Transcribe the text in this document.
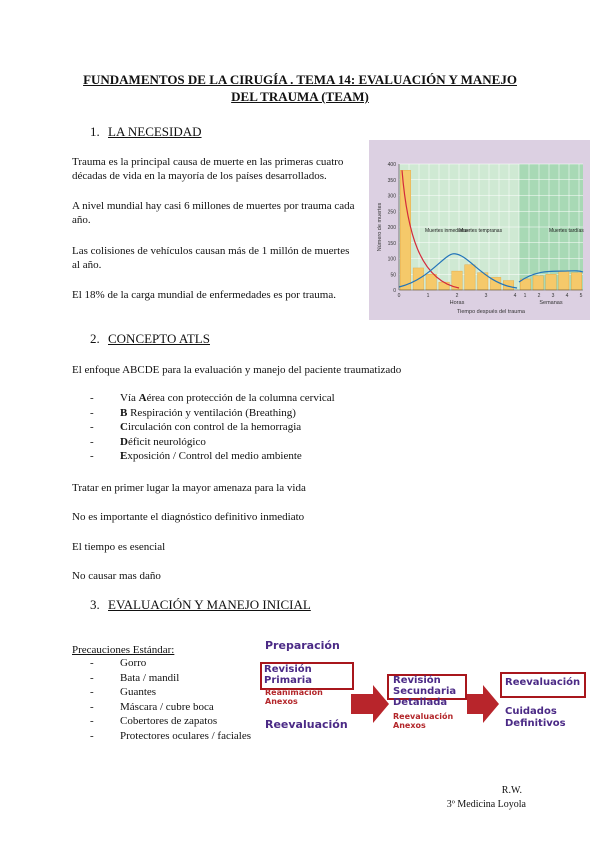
FUNDAMENTOS DE LA CIRUGÍA . TEMA 14: EVALUACIÓN Y MANEJO
DEL TRAUMA (TEAM)
1. LA NECESIDAD
Trauma es la principal causa de muerte en las primeras cuatro décadas de vida en la mayoría de los países desarrollados.
A nivel mundial hay casi 6 millones de muertes por trauma cada año.
Las colisiones de vehículos causan más de 1 millón de muertes al año.
El 18% de la carga mundial de enfermedades es por trauma.	0
50
100
150
200
250
300
350
400
Muertes inmediatas
Muertes tempranas	Muertes tardías
0	1	2	3	4 1 2 3 4 5
Horas	Semanas
Tiempo después del trauma
Número de muertes
2. CONCEPTO ATLS
El enfoque ABCDE para la evaluación y manejo del paciente traumatizado
- Vía Aérea con protección de la columna cervical
- B Respiración y ventilación (Breathing)
- Circulación con control de la hemorragia
- Déficit neurológico
- Exposición / Control del medio ambiente
Tratar en primer lugar la mayor amenaza para la vida
No es importante el diagnóstico definitivo inmediato
El tiempo es esencial
No causar mas daño
3. EVALUACIÓN Y MANEJO INICIAL
Precauciones Estándar:
- Gorro
- Bata / mandil
- Guantes
- Máscara / cubre boca
- Cobertores de zapatos
- Protectores oculares / faciales
Preparación
Revisión
Primaria
Reanimación
Anexos
Reevaluación
Revisión
Secundaria
Detallada
Reevaluación
Anexos
Reevaluación
Cuidados
Definitivos
R.W.
3º Medicina Loyola
